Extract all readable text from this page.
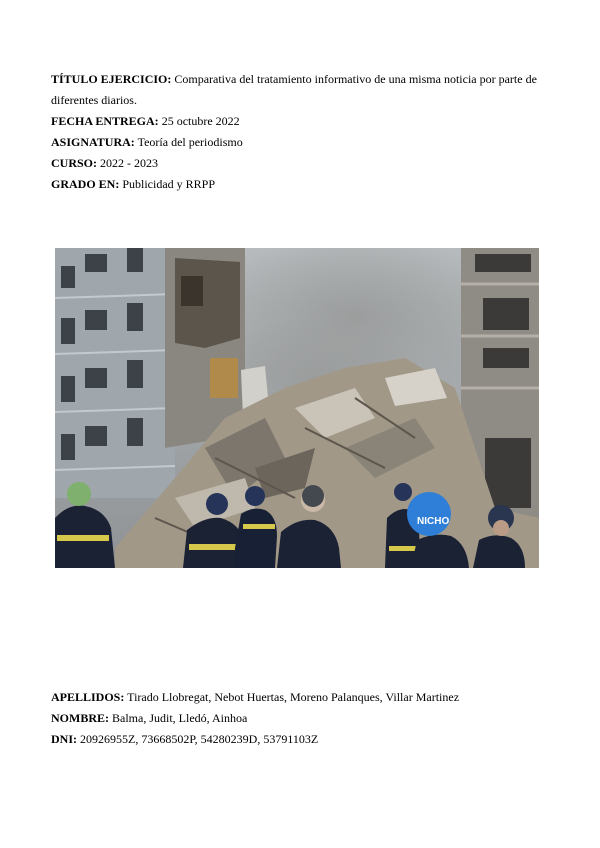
TÍTULO EJERCICIO: Comparativa del tratamiento informativo de una misma noticia por parte de
diferentes diarios.
FECHA ENTREGA: 25 octubre 2022
ASIGNATURA: Teoría del periodismo
CURSO: 2022 - 2023
GRADO EN: Publicidad y RRPP
NICHO
APELLIDOS: Tirado Llobregat, Nebot Huertas, Moreno Palanques, Villar Martinez
NOMBRE: Balma, Judit, Lledó, Ainhoa
DNI: 20926955Z, 73668502P, 54280239D, 53791103Z
